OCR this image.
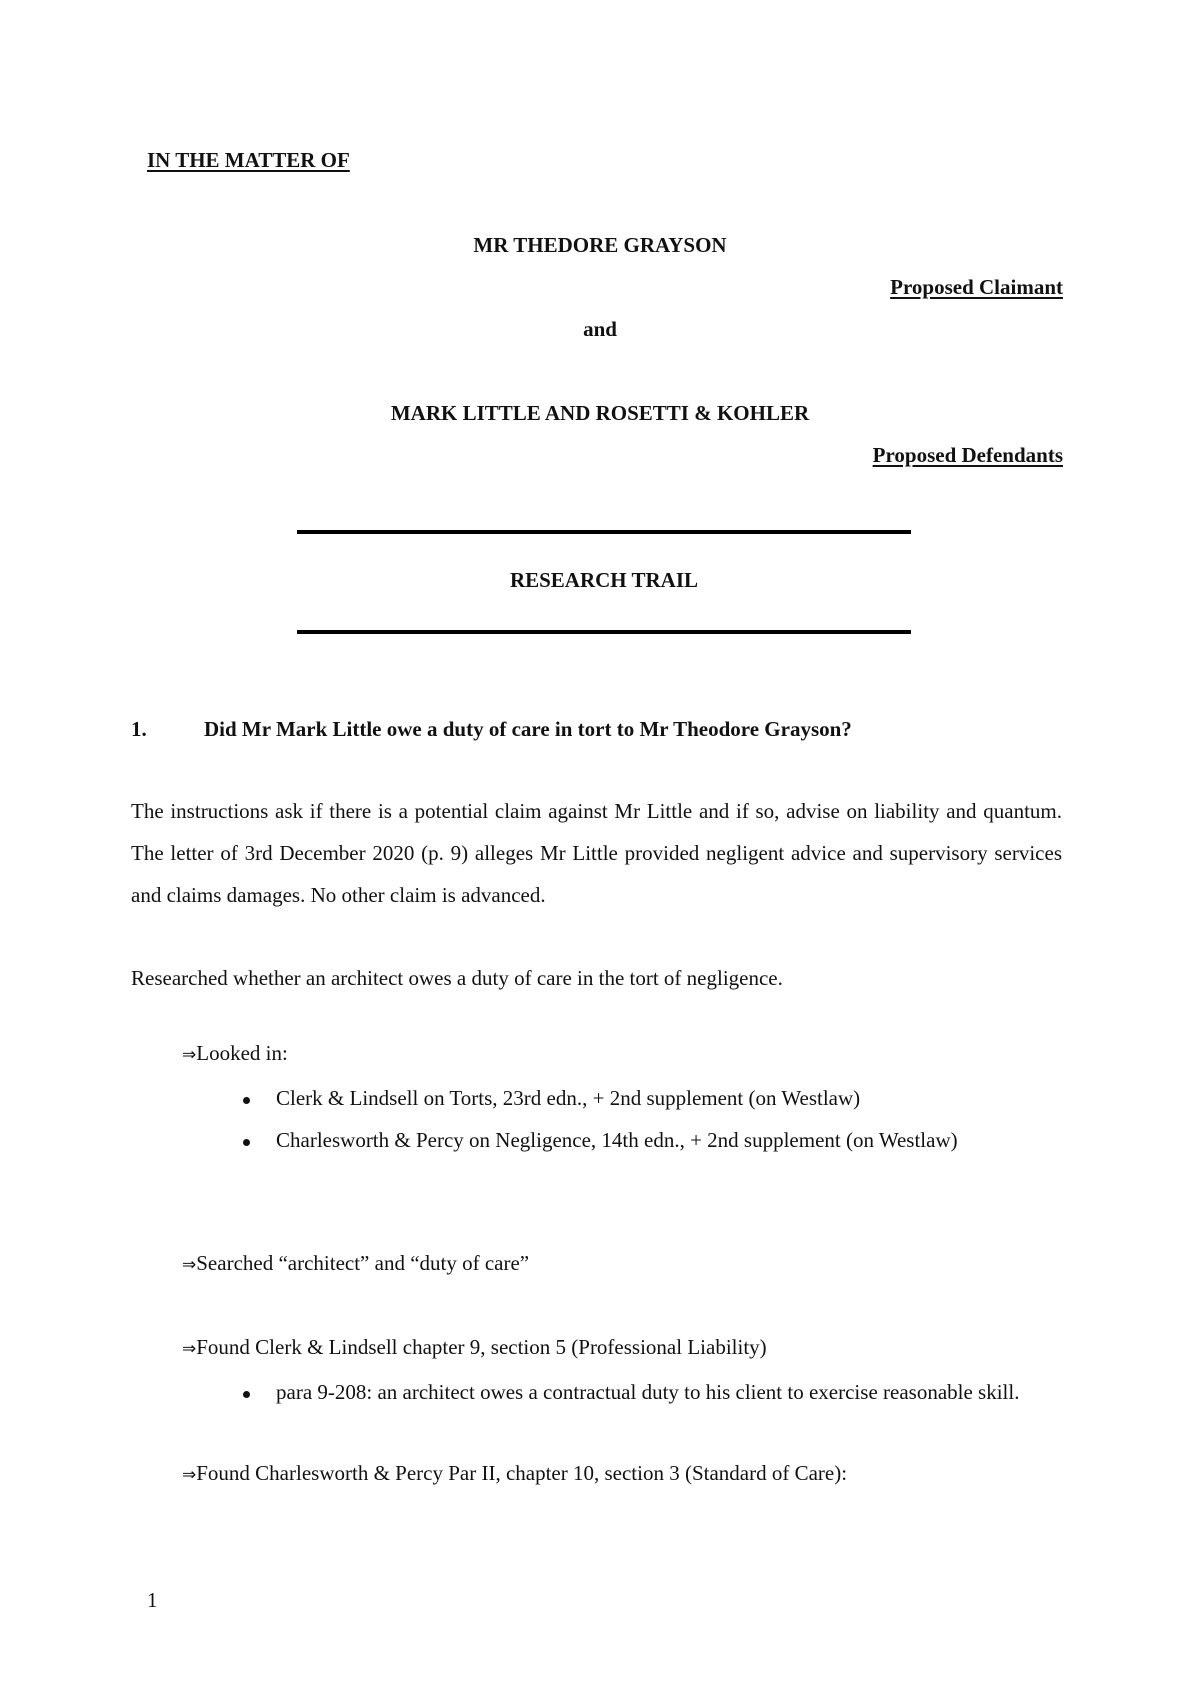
IN THE MATTER OF
MR THEDORE GRAYSON
Proposed Claimant
and
MARK LITTLE AND ROSETTI & KOHLER
Proposed Defendants
RESEARCH TRAIL
1.	Did Mr Mark Little owe a duty of care in tort to Mr Theodore Grayson?
The instructions ask if there is a potential claim against Mr Little and if so, advise on liability and quantum. The letter of 3rd December 2020 (p. 9) alleges Mr Little provided negligent advice and supervisory services and claims damages. No other claim is advanced.
Researched whether an architect owes a duty of care in the tort of negligence.
⇒Looked in:
Clerk & Lindsell on Torts, 23rd edn., + 2nd supplement (on Westlaw)
Charlesworth & Percy on Negligence, 14th edn., + 2nd supplement (on Westlaw)
⇒Searched “architect” and “duty of care”
⇒Found Clerk & Lindsell chapter 9, section 5 (Professional Liability)
para 9-208: an architect owes a contractual duty to his client to exercise reasonable skill.
⇒Found Charlesworth & Percy Par II, chapter 10, section 3 (Standard of Care):
1
